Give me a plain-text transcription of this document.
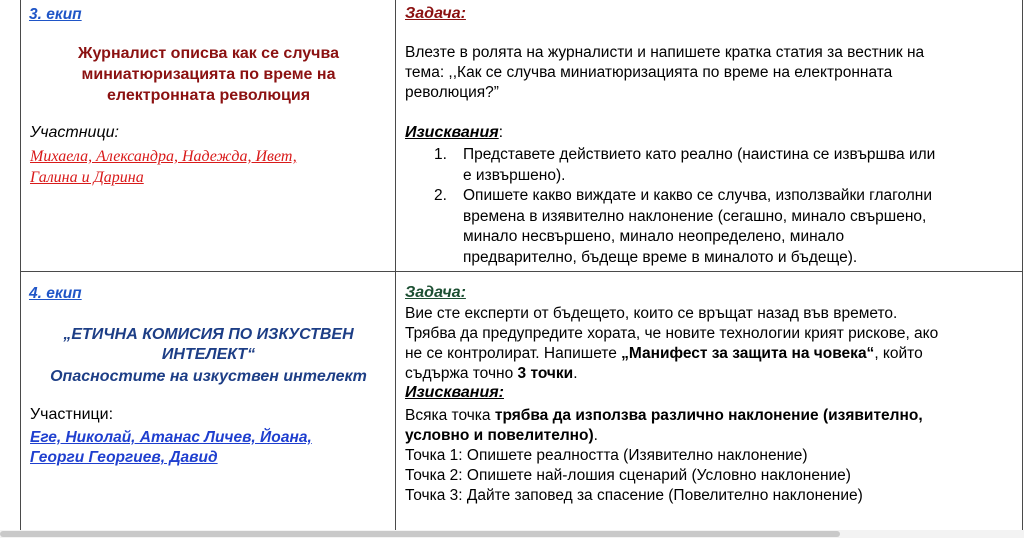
3. екип
Журналист описва как се случва
миниатюризацията по време на
електронната революция
Участници:
Михаела, Александра, Надежда, Ивет,
Галина и Дарина
Задача:
Влезте в ролята на журналисти и напишете кратка статия за вестник на
тема: ,,Как се случва миниатюризацията по време на електронната
революция?”
Изисквания:
1. Представете действието като реално (наистина се извършва или
е извършено).
2. Опишете какво виждате и какво се случва, използвайки глаголни
времена в изявително наклонение (сегашно, минало свършено,
минало несвършено, минало неопределено, минало
предварително, бъдеще време в миналото и бъдеще).
4. екип
„ЕТИЧНА КОМИСИЯ ПО ИЗКУСТВЕН
ИНТЕЛЕКТ“
Опасностите на изкуствен интелект
Участници:
Еге, Николай, Атанас Личев, Йоана,
Георги Георгиев, Давид
Задача:
Вие сте експерти от бъдещето, които се връщат назад във времето.
Трябва да предупредите хората, че новите технологии крият рискове, ако
не се контролират. Напишете „Манифест за защита на човека“, който
съдържа точно 3 точки.
Изисквания:
Всяка точка трябва да използва различно наклонение (изявително,
условно и повелително).
Точка 1: Опишете реалността (Изявително наклонение)
Точка 2: Опишете най-лошия сценарий (Условно наклонение)
Точка 3: Дайте заповед за спасение (Повелително наклонение)
